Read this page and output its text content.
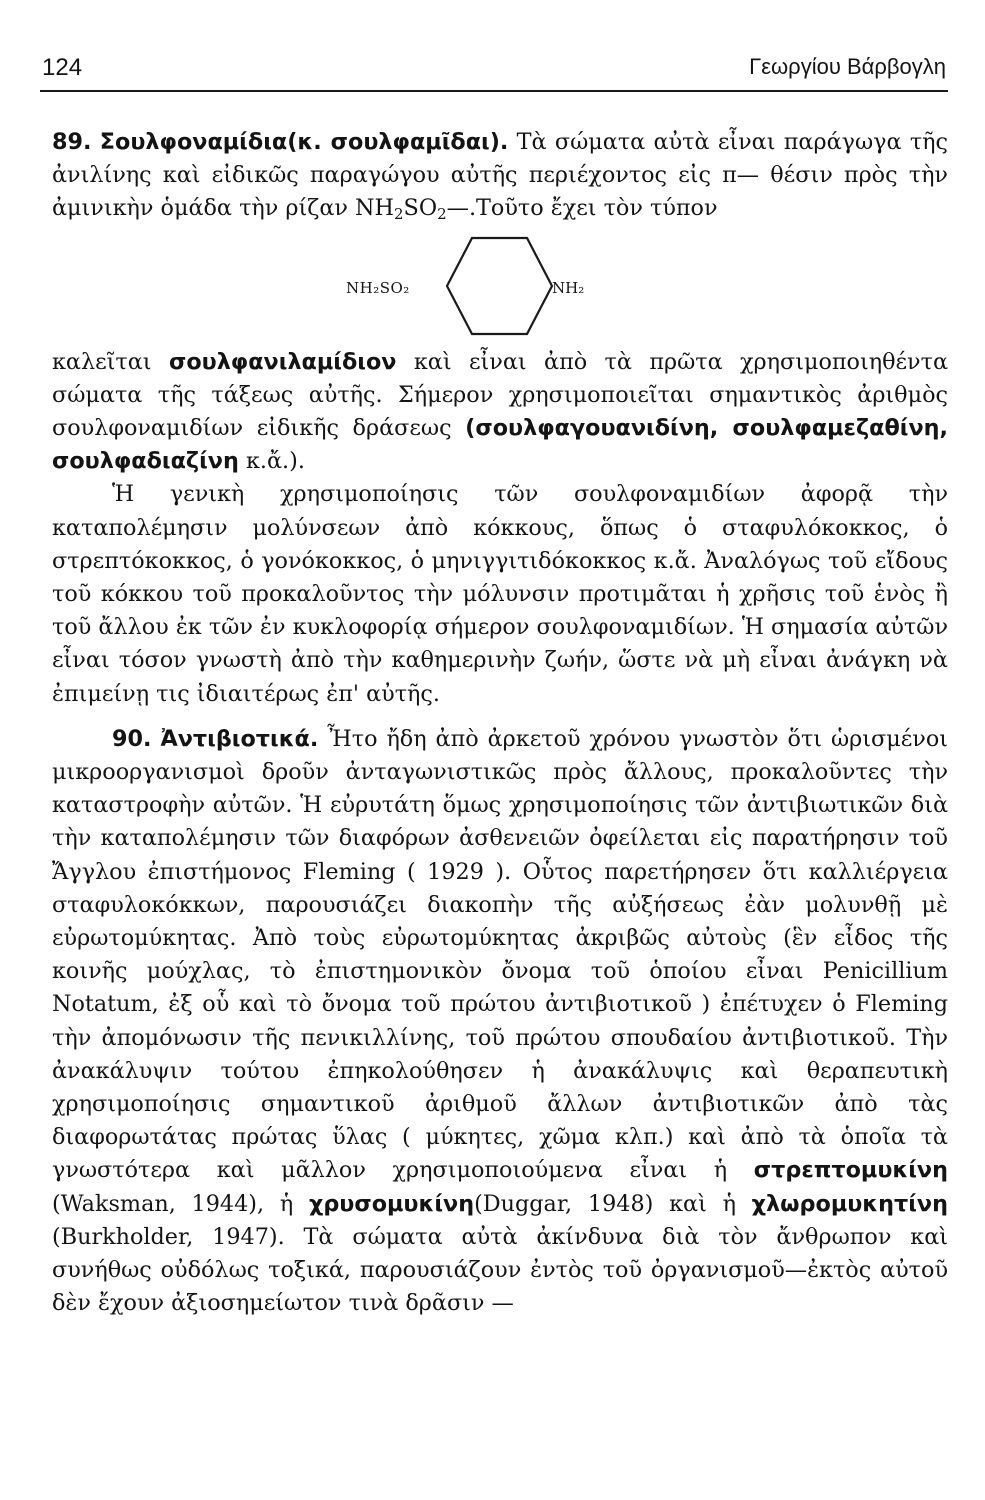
124	Γεωργίου Βάρβογλη

89. Σουλφοναμίδια(κ. σουλφαμῖδαι). Τὰ σώματα αὐτὰ εἶναι παράγωγα τῆς ἀνιλίνης καὶ εἰδικῶς παραγώγου αὐτῆς περιέχοντος εἰς π— θέσιν πρὸς τὴν ἀμινικὴν ὁμάδα τὴν ρίζαν $NH_2SO_2—.Toῦ\tau o$ ἔχει τὸν τύπον

NH₂SO₂	NH₂

καλεῖται σουλφανιλαμίδιον καὶ εἶναι ἀπὸ τὰ πρῶτα χρησιμοποιηθέντα σώματα τῆς τάξεως αὐτῆς. Σήμερον χρησιμοποιεῖται σημαντικὸς ἀριθμὸς σουλφοναμιδίων εἰδικῆς δράσεως (σουλφαγουανιδίνη, σουλφαμεζαθίνη, σουλφαδιαζίνη κ.ἄ.).

Ἡ γενικὴ χρησιμοποίησις τῶν σουλφοναμιδίων ἀφορᾷ τὴν καταπολέμησιν μολύνσεων ἀπὸ κόκκους, ὅπως ὁ σταφυλόκοκκος, ὁ στρεπτόκοκκος, ὁ γονόκοκκος, ὁ μηνιγγιτιδόκοκκος κ.ἄ. Ἀναλόγως τοῦ εἴδους τοῦ κόκκου τοῦ προκαλοῦντος τὴν μόλυνσιν προτιμᾶται ἡ χρῆσις τοῦ ἑνὸς ἢ τοῦ ἄλλου ἐκ τῶν ἐν κυκλοφορίᾳ σήμερον σουλφοναμιδίων. Ἡ σημασία αὐτῶν εἶναι τόσον γνωστὴ ἀπὸ τὴν καθημερινὴν ζωήν, ὥστε νὰ μὴ εἶναι ἀνάγκη νὰ ἐπιμείνῃ τις ἰδιαιτέρως ἐπ' αὐτῆς.

90. Ἀντιβιοτικά. Ἦτο ἤδη ἀπὸ ἀρκετοῦ χρόνου γνωστὸν ὅτι ὡρισμένοι μικροοργανισμοὶ δροῦν ἀνταγωνιστικῶς πρὸς ἄλλους, προκαλοῦντες τὴν καταστροφὴν αὐτῶν. Ἡ εὐρυτάτη ὅμως χρησιμοποίησις τῶν ἀντιβιωτικῶν διὰ τὴν καταπολέμησιν τῶν διαφόρων ἀσθενειῶν ὀφείλεται εἰς παρατήρησιν τοῦ Ἄγγλου ἐπιστήμονος Fleming ( 1929 ). Οὗτος παρετήρησεν ὅτι καλλιέργεια σταφυλοκόκκων, παρουσιάζει διακοπὴν τῆς αὐξήσεως ἐὰν μολυνθῇ μὲ εὐρωτομύκητας. Ἀπὸ τοὺς εὐρωτομύκητας ἀκριβῶς αὐτοὺς (ἓν εἶδος τῆς κοινῆς μούχλας, τὸ ἐπιστημονικὸν ὄνομα τοῦ ὁποίου εἶναι Penicillium Notatum, ἐξ οὗ καὶ τὸ ὄνομα τοῦ πρώτου ἀντιβιοτικοῦ ) ἐπέτυχεν ὁ Fleming τὴν ἀπομόνωσιν τῆς πενικιλλίνης, τοῦ πρώτου σπουδαίου ἀντιβιοτικοῦ. Τὴν ἀνακάλυψιν τούτου ἐπηκολούθησεν ἡ ἀνακάλυψις καὶ θεραπευτικὴ χρησιμοποίησις σημαντικοῦ ἀριθμοῦ ἄλλων ἀντιβιοτικῶν ἀπὸ τὰς διαφορωτάτας πρώτας ὕλας ( μύκητες, χῶμα κλπ.) καὶ ἀπὸ τὰ ὁποῖα τὰ γνωστότερα καὶ μᾶλλον χρησιμοποιούμενα εἶναι ἡ στρεπτομυκίνη (Waksman, 1944), ἡ χρυσομυκίνη(Duggar, 1948) καὶ ἡ χλωρομυκητίνη (Burkholder, 1947). Τὰ σώματα αὐτὰ ἀκίνδυνα διὰ τὸν ἄνθρωπον καὶ συνήθως οὐδόλως τοξικά, παρουσιάζουν ἐντὸς τοῦ ὀργανισμοῦ—ἐκτὸς αὐτοῦ δὲν ἔχουν ἀξιοσημείωτον τινὰ δρᾶσιν —
